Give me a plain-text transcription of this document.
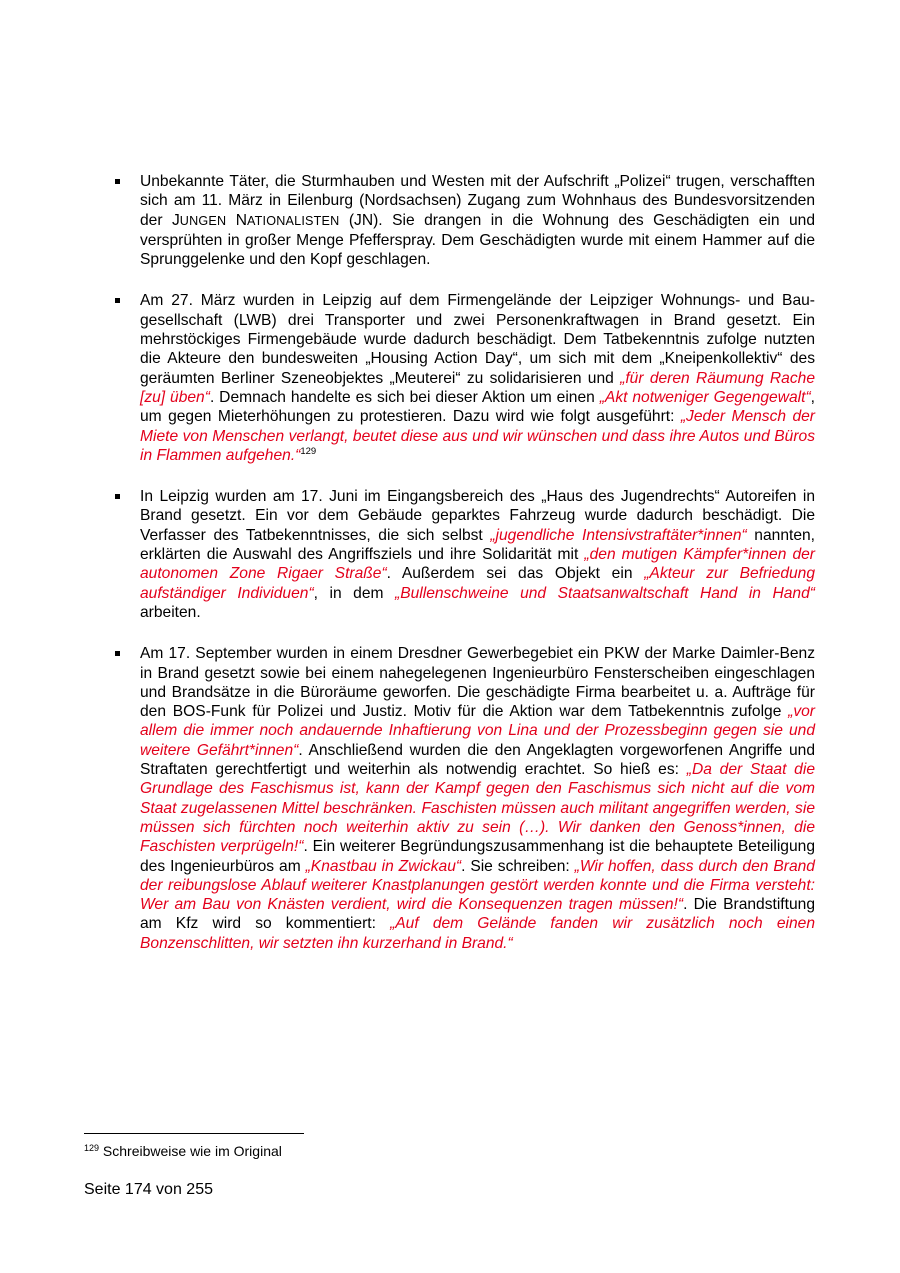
Unbekannte Täter, die Sturmhauben und Westen mit der Aufschrift „Polizei“ trugen, verschafften sich am 11. März in Eilenburg (Nordsachsen) Zugang zum Wohnhaus des Bundesvorsitzenden der JUNGEN NATIONALISTEN (JN). Sie drangen in die Wohnung des Geschädigten ein und versprühten in großer Menge Pfefferspray. Dem Geschädigten wurde mit einem Hammer auf die Sprunggelenke und den Kopf geschlagen.
Am 27. März wurden in Leipzig auf dem Firmengelände der Leipziger Wohnungs- und Baugesellschaft (LWB) drei Transporter und zwei Personenkraftwagen in Brand gesetzt. Ein mehrstöckiges Firmengebäude wurde dadurch beschädigt. Dem Tatbekenntnis zufolge nutzten die Akteure den bundesweiten „Housing Action Day“, um sich mit dem „Kneipenkollektiv“ des geräumten Berliner Szeneobjektes „Meuterei“ zu solidarisieren und „für deren Räumung Rache [zu] üben“. Demnach handelte es sich bei dieser Aktion um einen „Akt notweniger Gegengewalt“, um gegen Mieterhöhungen zu protestieren. Dazu wird wie folgt ausgeführt: „Jeder Mensch der Miete von Menschen verlangt, beutet diese aus und wir wünschen und dass ihre Autos und Büros in Flammen aufgehen.“$^{129}$
In Leipzig wurden am 17. Juni im Eingangsbereich des „Haus des Jugendrechts“ Autoreifen in Brand gesetzt. Ein vor dem Gebäude geparktes Fahrzeug wurde dadurch beschädigt. Die Verfasser des Tatbekenntnisses, die sich selbst „jugendliche Intensivstraftäter*innen“ nannten, erklärten die Auswahl des Angriffsziels und ihre Solidarität mit „den mutigen Kämpfer*innen der autonomen Zone Rigaer Straße“. Außerdem sei das Objekt ein „Akteur zur Befriedung aufständiger Individuen“, in dem „Bullenschweine und Staatsanwaltschaft Hand in Hand“ arbeiten.
Am 17. September wurden in einem Dresdner Gewerbegebiet ein PKW der Marke Daimler-Benz in Brand gesetzt sowie bei einem nahegelegenen Ingenieurbüro Fensterscheiben eingeschlagen und Brandsätze in die Büroräume geworfen. Die geschädigte Firma bearbeitet u. a. Aufträge für den BOS-Funk für Polizei und Justiz. Motiv für die Aktion war dem Tatbekenntnis zufolge „vor allem die immer noch andauernde Inhaftierung von Lina und der Prozessbeginn gegen sie und weitere Gefährt*innen“. Anschließend wurden die den Angeklagten vorgeworfenen Angriffe und Straftaten gerechtfertigt und weiterhin als notwendig erachtet. So hieß es: „Da der Staat die Grundlage des Faschismus ist, kann der Kampf gegen den Faschismus sich nicht auf die vom Staat zugelassenen Mittel beschränken. Faschisten müssen auch militant angegriffen werden, sie müssen sich fürchten noch weiterhin aktiv zu sein (…). Wir danken den Genoss*innen, die Faschisten verprügeln!“. Ein weiterer Begründungszusammenhang ist die behauptete Beteiligung des Ingenieurbüros am „Knastbau in Zwickau“. Sie schreiben: „Wir hoffen, dass durch den Brand der reibungslose Ablauf weiterer Knastplanungen gestört werden konnte und die Firma versteht: Wer am Bau von Knästen verdient, wird die Konsequenzen tragen müssen!“. Die Brandstiftung am Kfz wird so kommentiert: „Auf dem Gelände fanden wir zusätzlich noch einen Bonzenschlitten, wir setzten ihn kurzerhand in Brand.“
$^{129}$ Schreibweise wie im Original
Seite 174 von 255
